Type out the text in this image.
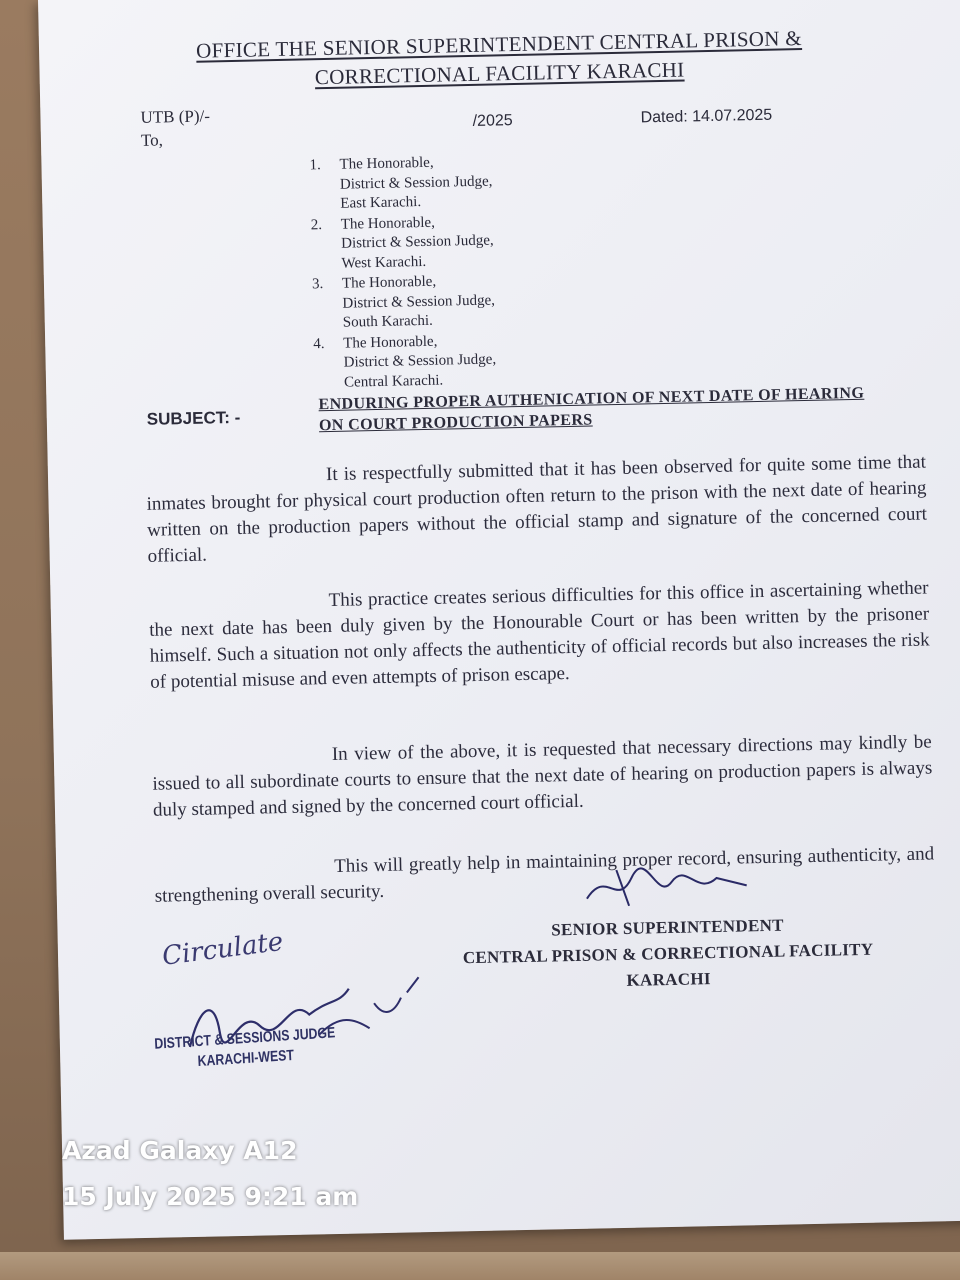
OFFICE THE SENIOR SUPERINTENDENT CENTRAL PRISON &
CORRECTIONAL FACILITY KARACHI
UTB (P)/-
To,
/2025	Dated: 14.07.2025
1.	The Honorable,
District & Session Judge,
East Karachi.
2.	The Honorable,
District & Session Judge,
West Karachi.
3.	The Honorable,
District & Session Judge,
South Karachi.
4.	The Honorable,
District & Session Judge,
Central Karachi.
SUBJECT: -
ENDURING PROPER AUTHENICATION OF NEXT DATE OF HEARING ON COURT PRODUCTION PAPERS

It is respectfully submitted that it has been observed for quite some time that inmates brought for physical court production often return to the prison with the next date of hearing written on the production papers without the official stamp and signature of the concerned court official.

This practice creates serious difficulties for this office in ascertaining whether the next date has been duly given by the Honourable Court or has been written by the prisoner himself. Such a situation not only affects the authenticity of official records but also increases the risk of potential misuse and even attempts of prison escape.

In view of the above, it is requested that necessary directions may kindly be issued to all subordinate courts to ensure that the next date of hearing on production papers is always duly stamped and signed by the concerned court official.

This will greatly help in maintaining proper record, ensuring authenticity, and strengthening overall security.

SENIOR SUPERINTENDENT
CENTRAL PRISON & CORRECTIONAL FACILITY
KARACHI
Circulate
DISTRICT & SESSIONS JUDGE
KARACHI-WEST
Azad Galaxy A12
15 July 2025 9:21 am
